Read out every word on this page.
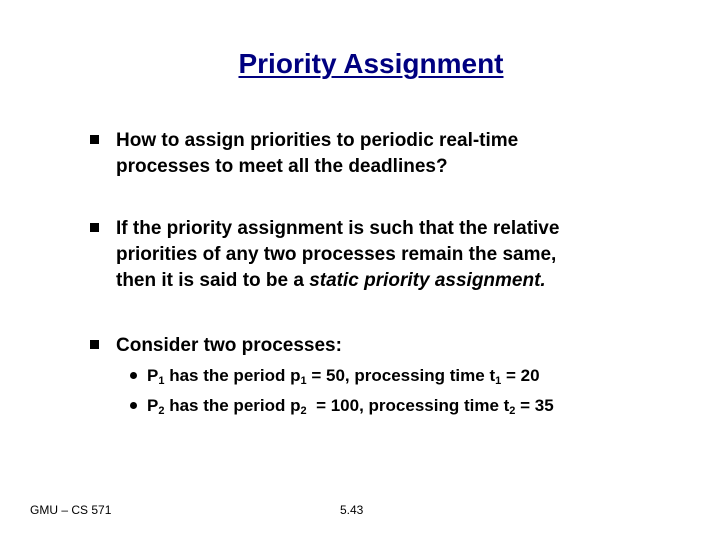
Priority Assignment
How to assign priorities to periodic real-time
processes to meet all the deadlines?
If the priority assignment is such that the relative
priorities of any two processes remain the same,
then it is said to be a static priority assignment.
Consider two processes:
$P_1$ has the period $p_1 = 50$, processing time $t_1 = 20$
$P_2$ has the period $p_2 = 100$, processing time $t_2 = 35$
GMU – CS 571	5.43
